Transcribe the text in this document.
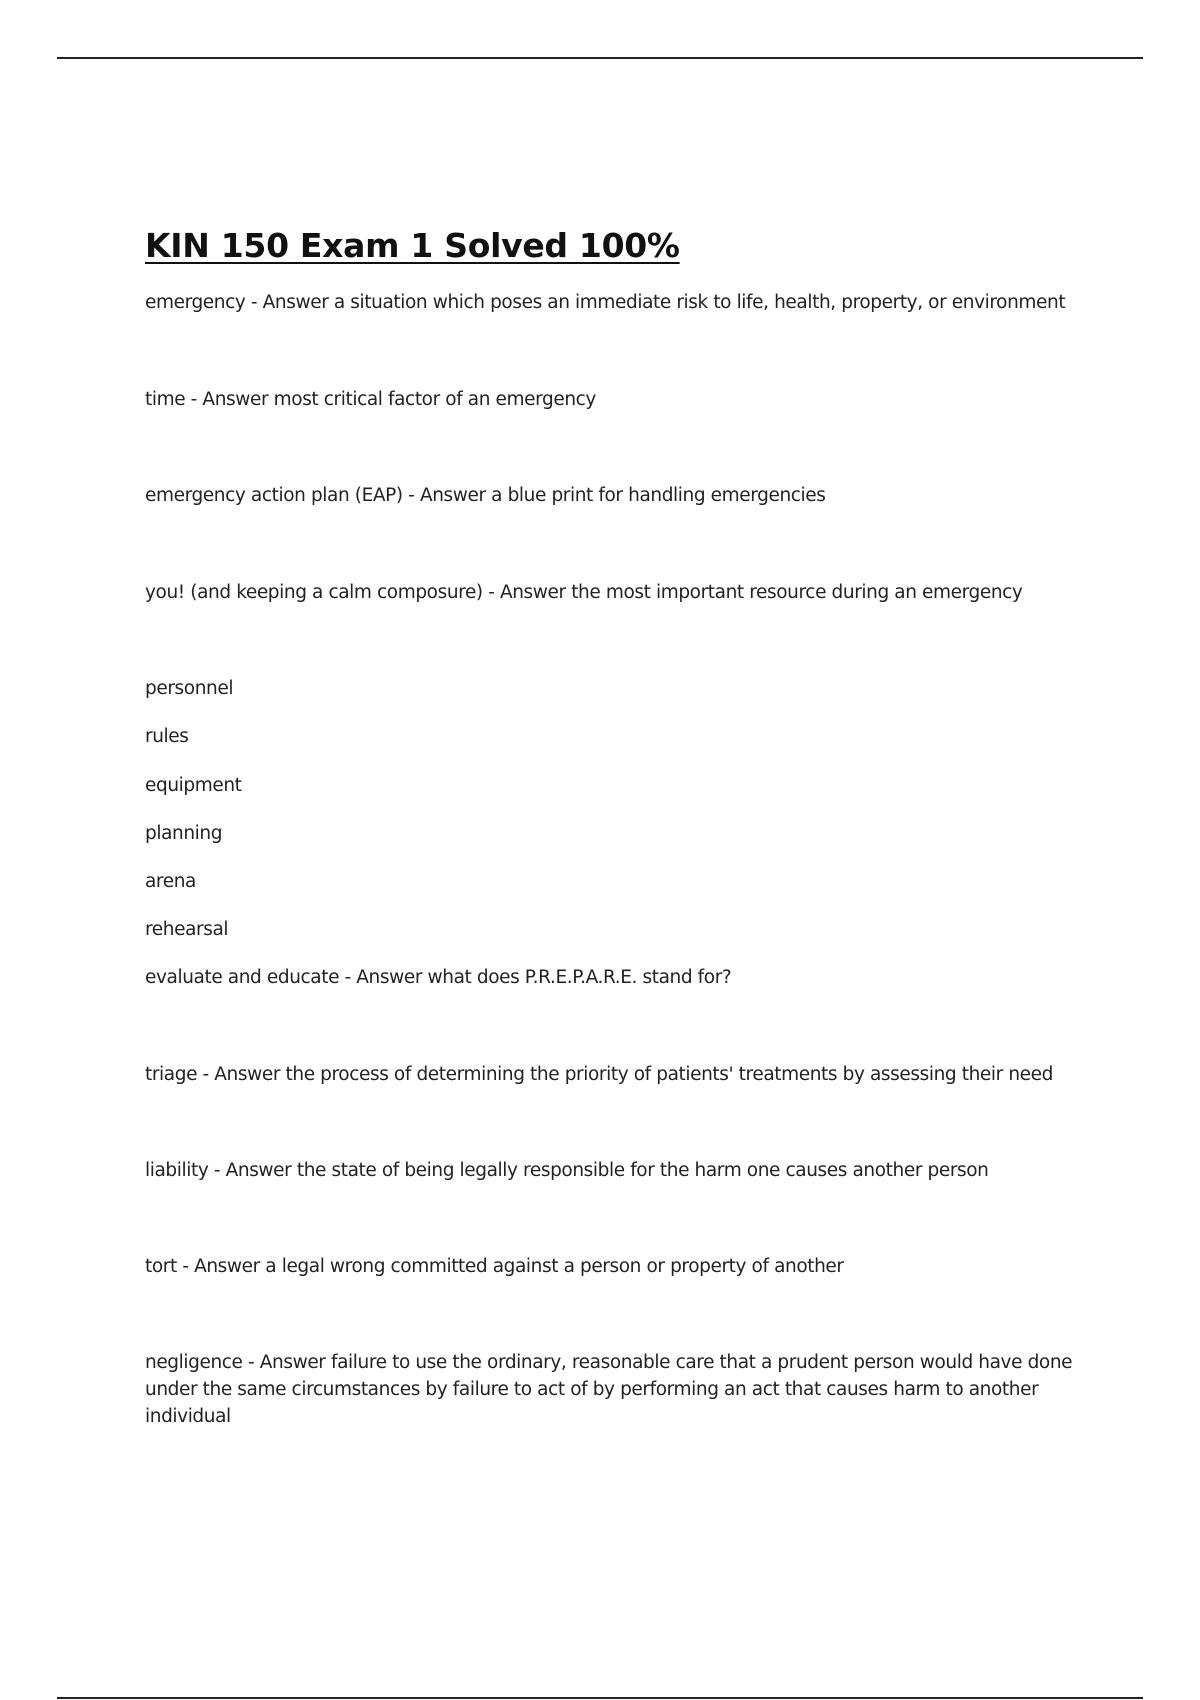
KIN 150 Exam 1 Solved 100%

emergency - Answer a situation which poses an immediate risk to life, health, property, or environment

time - Answer most critical factor of an emergency

emergency action plan (EAP) - Answer a blue print for handling emergencies

you! (and keeping a calm composure) - Answer the most important resource during an emergency

personnel

rules

equipment

planning

arena

rehearsal

evaluate and educate - Answer what does P.R.E.P.A.R.E. stand for?

triage - Answer the process of determining the priority of patients' treatments by assessing their need

liability - Answer the state of being legally responsible for the harm one causes another person

tort - Answer a legal wrong committed against a person or property of another

negligence - Answer failure to use the ordinary, reasonable care that a prudent person would have done under the same circumstances by failure to act of by performing an act that causes harm to another individual
